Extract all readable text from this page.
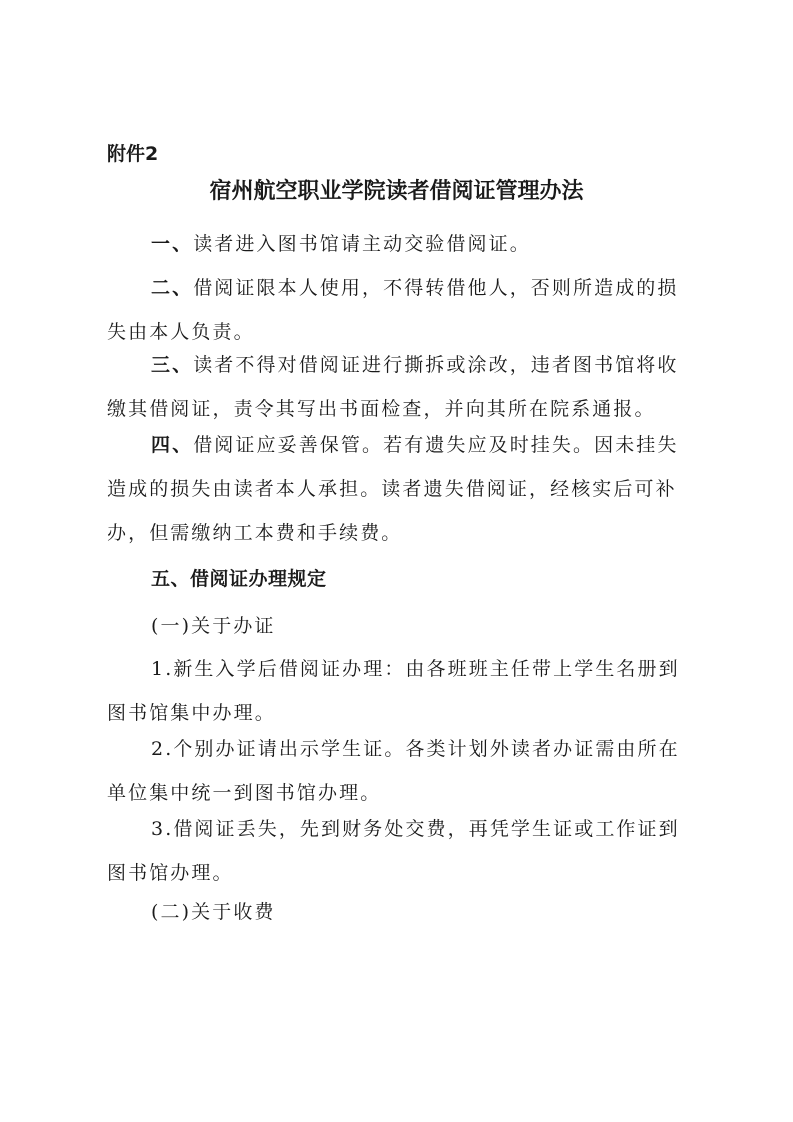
附件2
宿州航空职业学院读者借阅证管理办法

一、读者进入图书馆请主动交验借阅证。

二、借阅证限本人使用，不得转借他人，否则所造成的损失由本人负责。

三、读者不得对借阅证进行撕拆或涂改，违者图书馆将收缴其借阅证，责令其写出书面检查，并向其所在院系通报。

四、借阅证应妥善保管。若有遗失应及时挂失。因未挂失造成的损失由读者本人承担。读者遗失借阅证，经核实后可补办，但需缴纳工本费和手续费。

五、借阅证办理规定

(一)关于办证

1.新生入学后借阅证办理：由各班班主任带上学生名册到图书馆集中办理。

2.个别办证请出示学生证。各类计划外读者办证需由所在单位集中统一到图书馆办理。

3.借阅证丢失，先到财务处交费，再凭学生证或工作证到图书馆办理。

(二)关于收费
